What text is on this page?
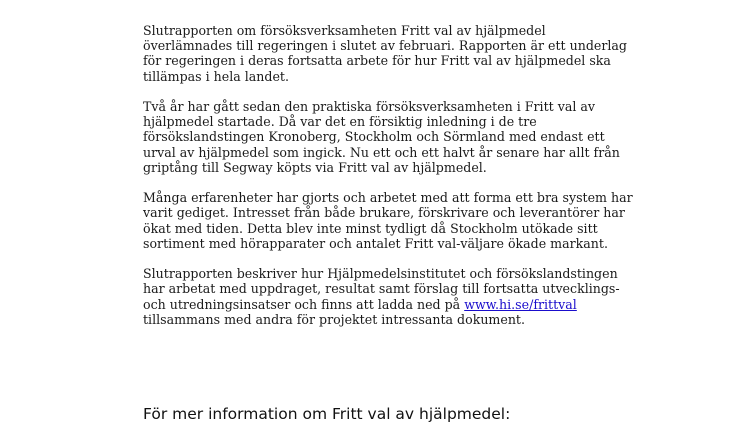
Slutrapporten om försöksverksamheten Fritt val av hjälpmedel
överlämnades till regeringen i slutet av februari. Rapporten är ett underlag
för regeringen i deras fortsatta arbete för hur Fritt val av hjälpmedel ska
tillämpas i hela landet.
Två år har gått sedan den praktiska försöksverksamheten i Fritt val av
hjälpmedel startade. Då var det en försiktig inledning i de tre
försökslandstingen Kronoberg, Stockholm och Sörmland med endast ett
urval av hjälpmedel som ingick. Nu ett och ett halvt år senare har allt från
griptång till Segway köpts via Fritt val av hjälpmedel.
Många erfarenheter har gjorts och arbetet med att forma ett bra system har
varit gediget. Intresset från både brukare, förskrivare och leverantörer har
ökat med tiden. Detta blev inte minst tydligt då Stockholm utökade sitt
sortiment med hörapparater och antalet Fritt val-väljare ökade markant.
Slutrapporten beskriver hur Hjälpmedelsinstitutet och försökslandstingen
har arbetat med uppdraget, resultat samt förslag till fortsatta utvecklings-
och utredningsinsatser och finns att ladda ned på www.hi.se/frittval
tillsammans med andra för projektet intressanta dokument.
För mer information om Fritt val av hjälpmedel:
